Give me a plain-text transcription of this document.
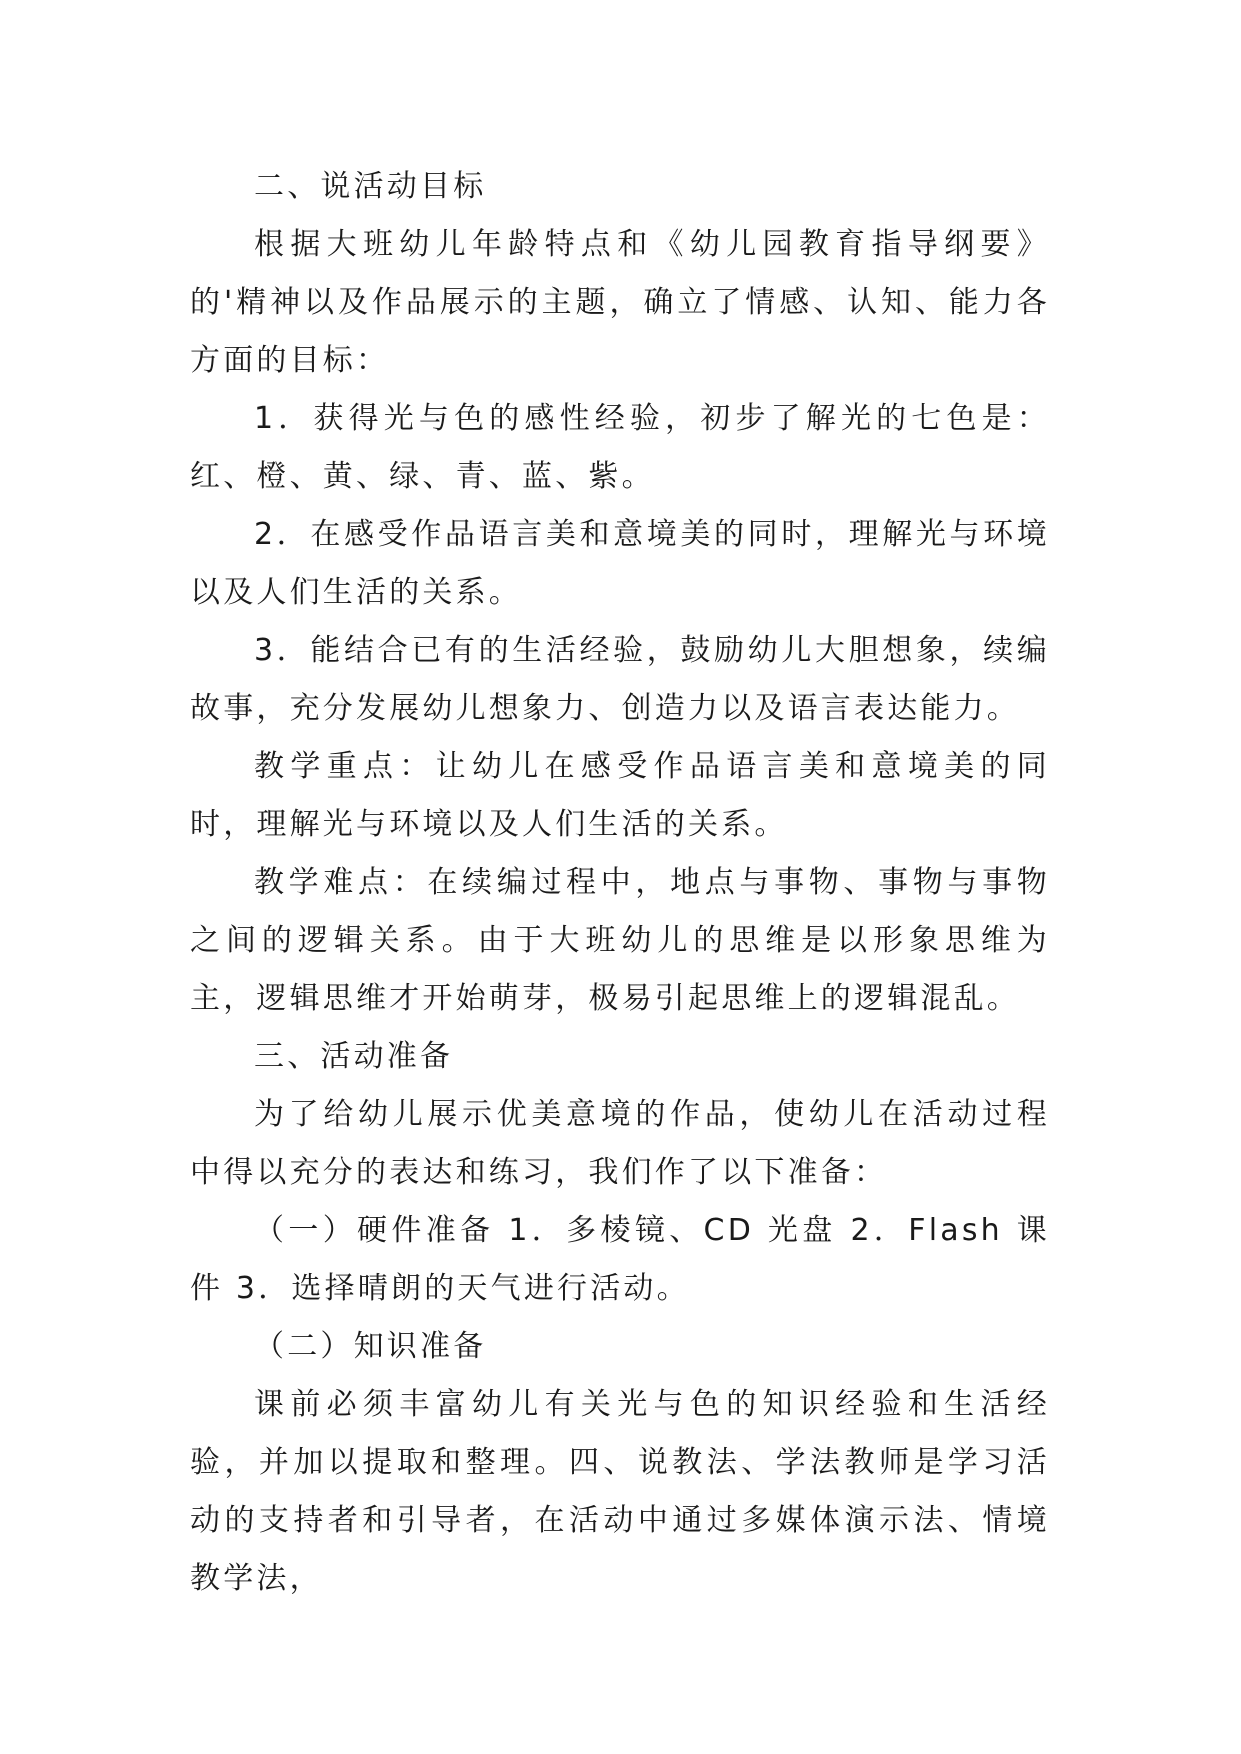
二、说活动目标

根据大班幼儿年龄特点和《幼儿园教育指导纲要》的'精神以及作品展示的主题，确立了情感、认知、能力各方面的目标：

1．获得光与色的感性经验，初步了解光的七色是：红、橙、黄、绿、青、蓝、紫。

2．在感受作品语言美和意境美的同时，理解光与环境以及人们生活的关系。

3．能结合已有的生活经验，鼓励幼儿大胆想象，续编故事，充分发展幼儿想象力、创造力以及语言表达能力。

教学重点：让幼儿在感受作品语言美和意境美的同时，理解光与环境以及人们生活的关系。

教学难点：在续编过程中，地点与事物、事物与事物之间的逻辑关系。由于大班幼儿的思维是以形象思维为主，逻辑思维才开始萌芽，极易引起思维上的逻辑混乱。

三、活动准备

为了给幼儿展示优美意境的作品，使幼儿在活动过程中得以充分的表达和练习，我们作了以下准备：

（一）硬件准备 1．多棱镜、CD 光盘 2．Flash 课件 3．选择晴朗的天气进行活动。

（二）知识准备

课前必须丰富幼儿有关光与色的知识经验和生活经验，并加以提取和整理。四、说教法、学法教师是学习活动的支持者和引导者，在活动中通过多媒体演示法、情境教学法，
